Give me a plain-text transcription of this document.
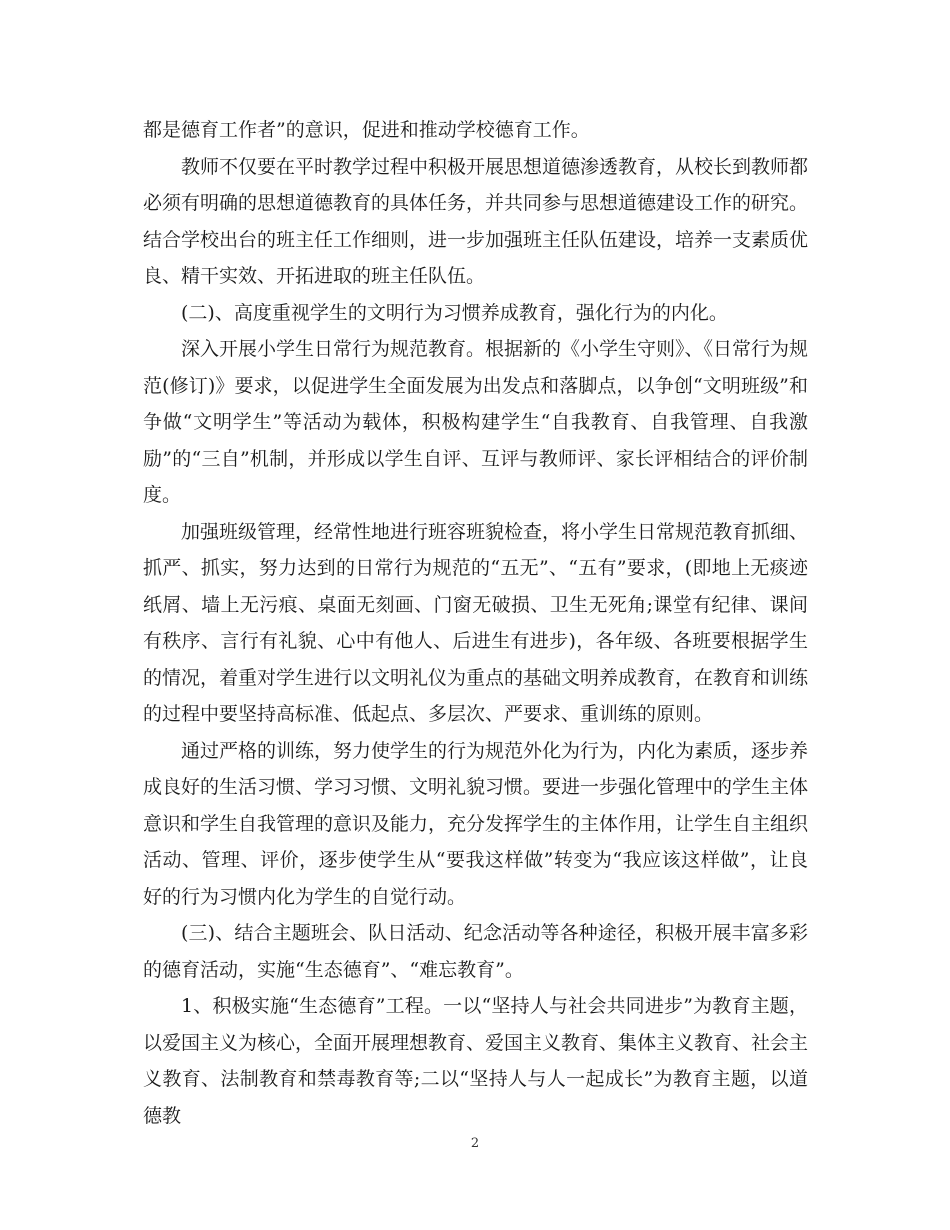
都是德育工作者”的意识，促进和推动学校德育工作。

教师不仅要在平时教学过程中积极开展思想道德渗透教育，从校长到教师都必须有明确的思想道德教育的具体任务，并共同参与思想道德建设工作的研究。结合学校出台的班主任工作细则，进一步加强班主任队伍建设，培养一支素质优良、精干实效、开拓进取的班主任队伍。

(二)、高度重视学生的文明行为习惯养成教育，强化行为的内化。

深入开展小学生日常行为规范教育。根据新的《小学生守则》、《日常行为规范(修订)》要求，以促进学生全面发展为出发点和落脚点，以争创“文明班级”和争做“文明学生”等活动为载体，积极构建学生“自我教育、自我管理、自我激励”的“三自”机制，并形成以学生自评、互评与教师评、家长评相结合的评价制度。

加强班级管理，经常性地进行班容班貌检查，将小学生日常规范教育抓细、抓严、抓实，努力达到的日常行为规范的“五无”、“五有”要求，(即地上无痰迹纸屑、墙上无污痕、桌面无刻画、门窗无破损、卫生无死角;课堂有纪律、课间有秩序、言行有礼貌、心中有他人、后进生有进步)，各年级、各班要根据学生的情况，着重对学生进行以文明礼仪为重点的基础文明养成教育，在教育和训练的过程中要坚持高标准、低起点、多层次、严要求、重训练的原则。

通过严格的训练，努力使学生的行为规范外化为行为，内化为素质，逐步养成良好的生活习惯、学习习惯、文明礼貌习惯。要进一步强化管理中的学生主体意识和学生自我管理的意识及能力，充分发挥学生的主体作用，让学生自主组织活动、管理、评价，逐步使学生从“要我这样做”转变为“我应该这样做”，让良好的行为习惯内化为学生的自觉行动。

(三)、结合主题班会、队日活动、纪念活动等各种途径，积极开展丰富多彩的德育活动，实施“生态德育”、“难忘教育”。

1、积极实施“生态德育”工程。一以“坚持人与社会共同进步”为教育主题，以爱国主义为核心，全面开展理想教育、爱国主义教育、集体主义教育、社会主义教育、法制教育和禁毒教育等;二以“坚持人与人一起成长”为教育主题，以道德教

2
